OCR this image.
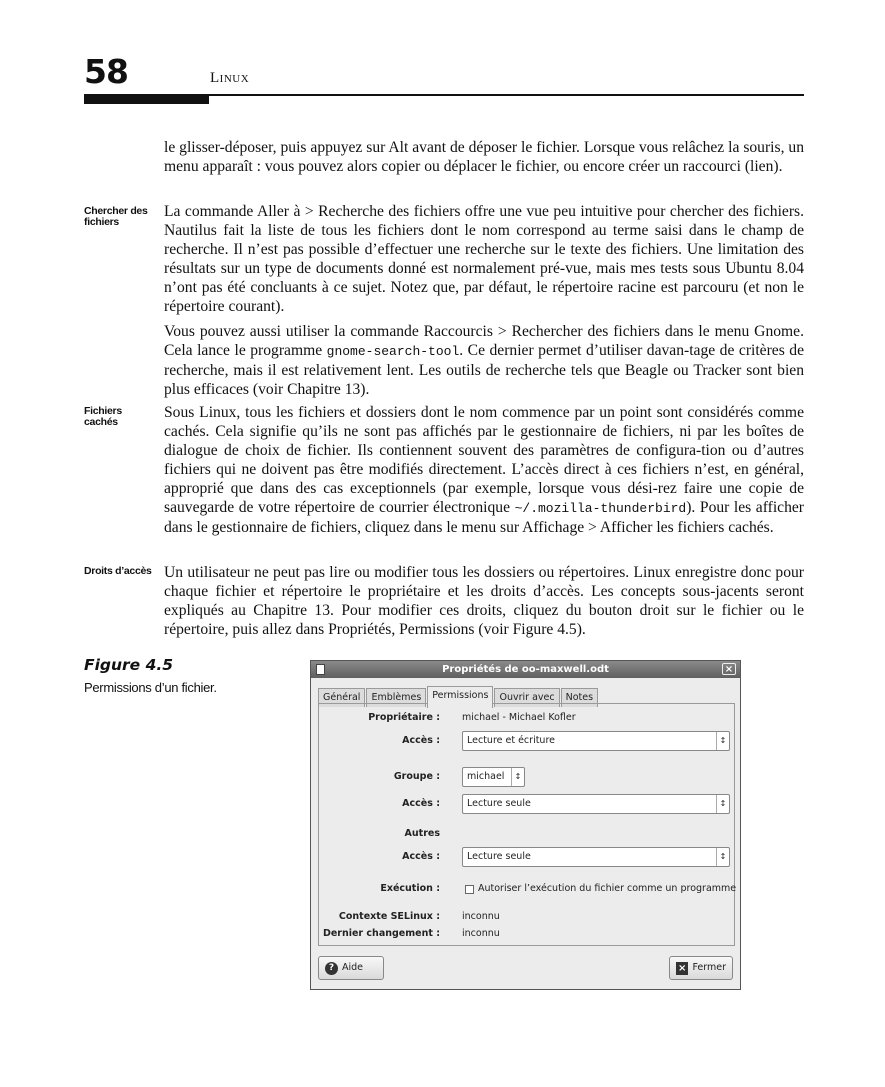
58	Linux

le glisser-déposer, puis appuyez sur Alt avant de déposer le fichier. Lorsque vous relâchez la souris, un menu apparaît : vous pouvez alors copier ou déplacer le fichier, ou encore créer un raccourci (lien).

Chercher des fichiers

La commande Aller à > Recherche des fichiers offre une vue peu intuitive pour chercher des fichiers. Nautilus fait la liste de tous les fichiers dont le nom correspond au terme saisi dans le champ de recherche. Il n’est pas possible d’effectuer une recherche sur le texte des fichiers. Une limitation des résultats sur un type de documents donné est normalement pré-vue, mais mes tests sous Ubuntu 8.04 n’ont pas été concluants à ce sujet. Notez que, par défaut, le répertoire racine est parcouru (et non le répertoire courant).

Vous pouvez aussi utiliser la commande Raccourcis > Rechercher des fichiers dans le menu Gnome. Cela lance le programme gnome-search-tool. Ce dernier permet d’utiliser davan-tage de critères de recherche, mais il est relativement lent. Les outils de recherche tels que Beagle ou Tracker sont bien plus efficaces (voir Chapitre 13).

Fichiers cachés

Sous Linux, tous les fichiers et dossiers dont le nom commence par un point sont considérés comme cachés. Cela signifie qu’ils ne sont pas affichés par le gestionnaire de fichiers, ni par les boîtes de dialogue de choix de fichier. Ils contiennent souvent des paramètres de configura-tion ou d’autres fichiers qui ne doivent pas être modifiés directement. L’accès direct à ces fichiers n’est, en général, approprié que dans des cas exceptionnels (par exemple, lorsque vous dési-rez faire une copie de sauvegarde de votre répertoire de courrier électronique ~/.mozilla-thunderbird). Pour les afficher dans le gestionnaire de fichiers, cliquez dans le menu sur Affichage > Afficher les fichiers cachés.

Droits d’accès Un utilisateur ne peut pas lire ou modifier tous les dossiers ou répertoires. Linux enregistre donc pour chaque fichier et répertoire le propriétaire et les droits d’accès. Les concepts sous-jacents seront expliqués au Chapitre 13. Pour modifier ces droits, cliquez du bouton droit sur le fichier ou le répertoire, puis allez dans Propriétés, Permissions (voir Figure 4.5).

Figure 4.5
Permissions d’un fichier.
Propriétés de oo-maxwell.odt	×
Général	Emblèmes	Permissions	Ouvrir avec	Notes
Propriétaire : michael - Michael Kofler
Accès :	Lecture et écriture	↕
Groupe :	michael	↕
Accès :	Lecture seule	↕
Autres
Accès :	Lecture seule	↕
Exécution :	Autoriser l’exécution du fichier comme un programme
Contexte SELinux : inconnu
Dernier changement : inconnu
? Aide	× Fermer
